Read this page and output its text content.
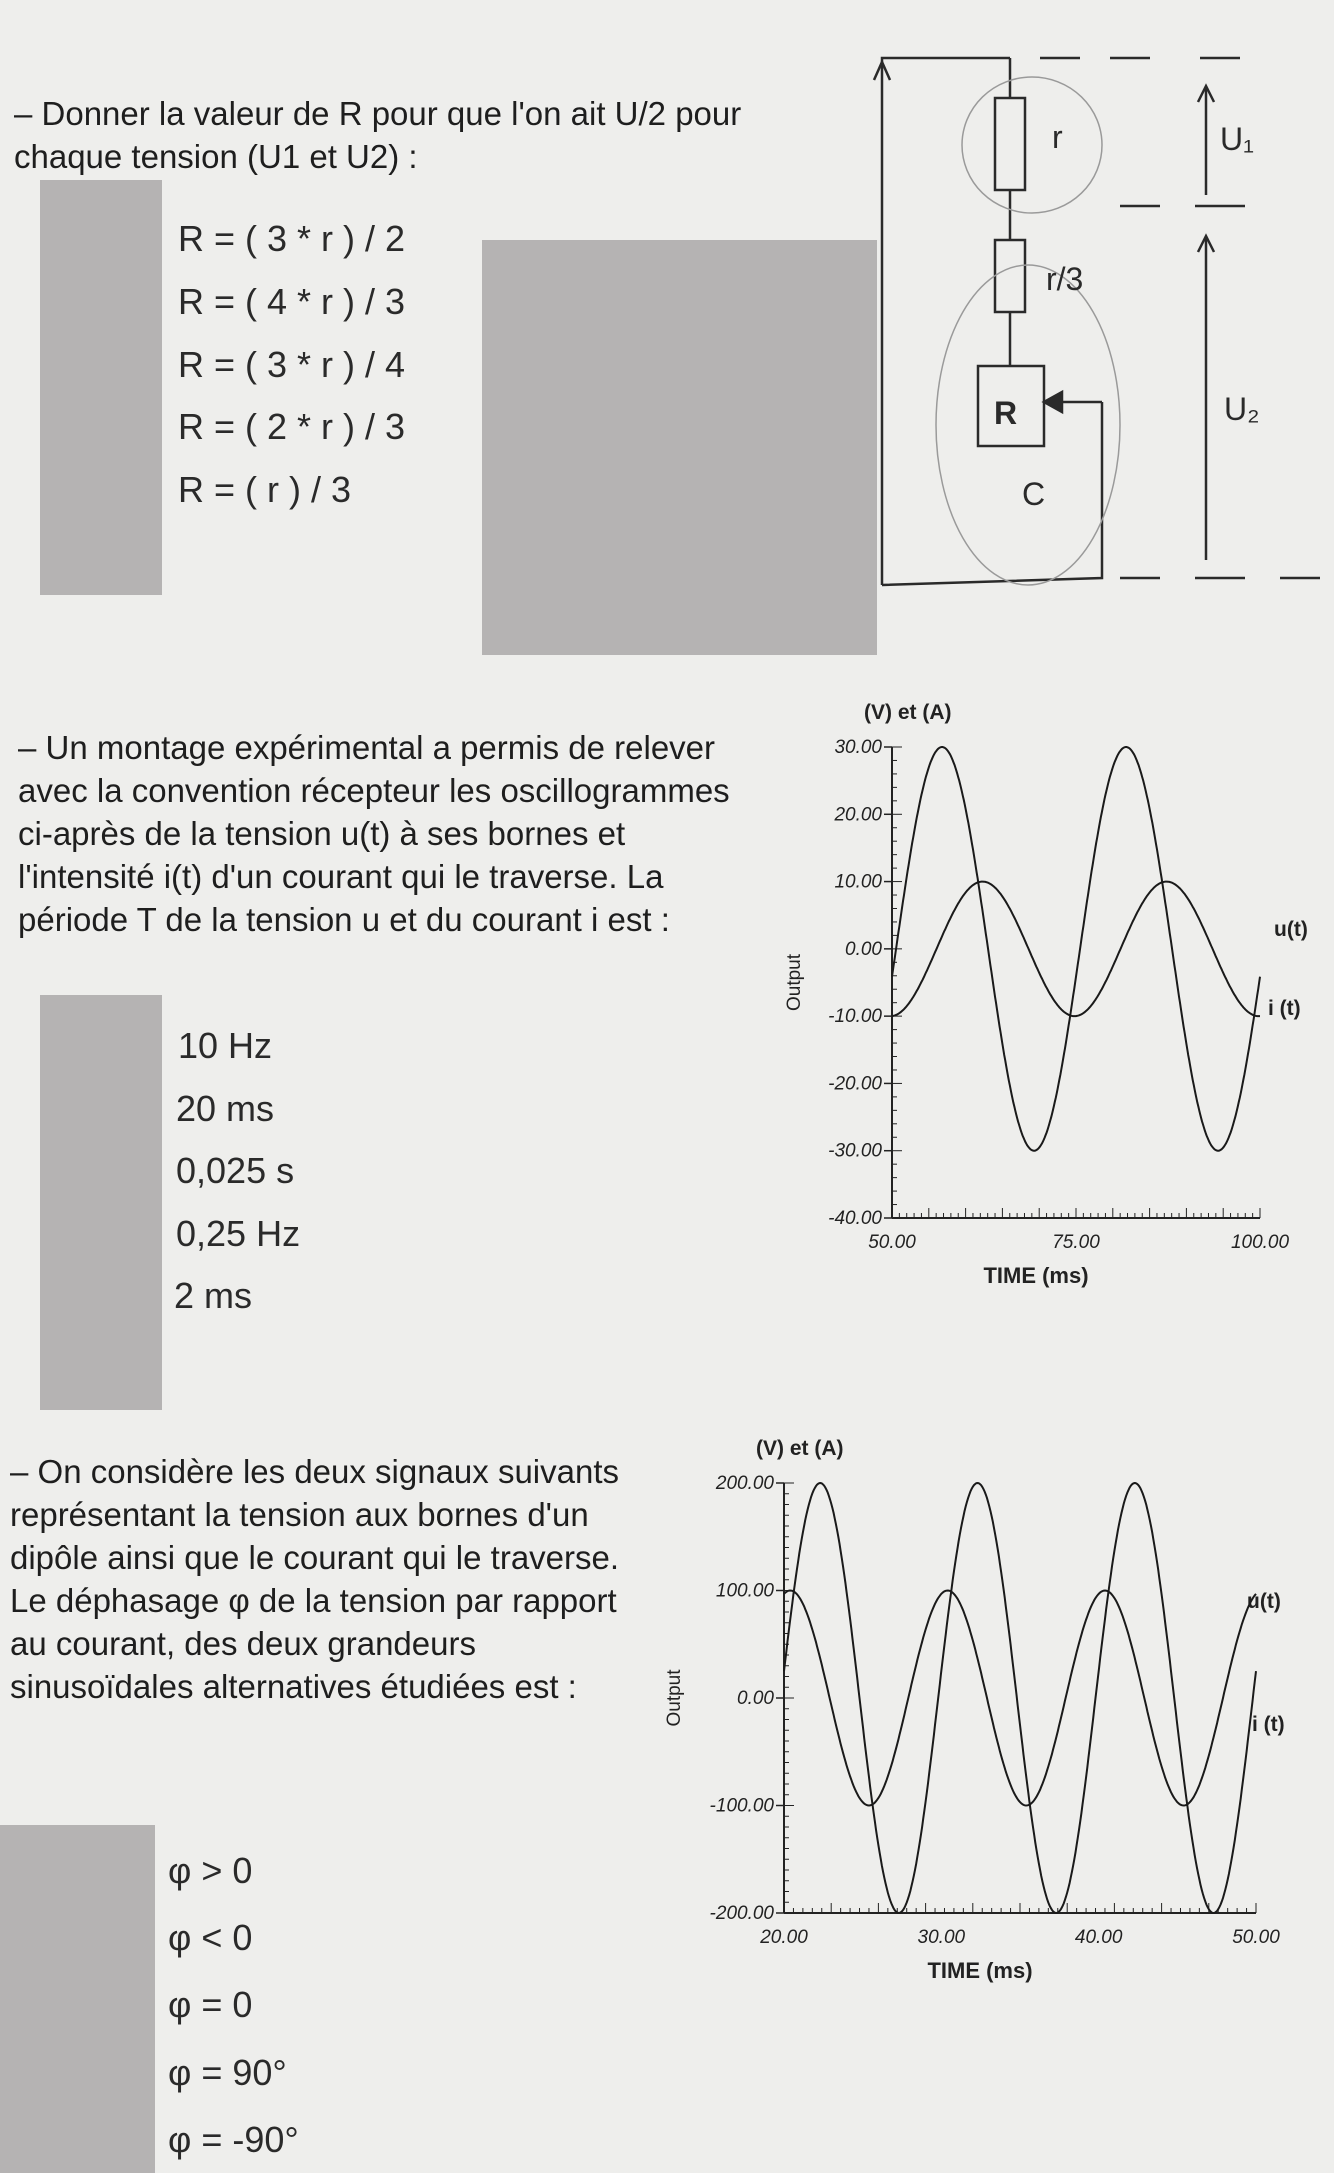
– Donner la valeur de R pour que l'on ait U/2 pour chaque tension (U1 et U2) :
R = ( 3 * r ) / 2
R = ( 4 * r ) / 3
R = ( 3 * r ) / 4
R = ( 2 * r ) / 3
R = ( r ) / 3
r
r/3
R
C
U₁
U₂
– Un montage expérimental a permis de relever avec la convention récepteur les oscillogrammes ci-après de la tension u(t) à ses bornes et l'intensité i(t) d'un courant qui le traverse. La période T de la tension u et du courant i est :
10 Hz
20 ms
0,025 s
0,25 Hz
2 ms
30.00
20.00
10.00
0.00
-10.00
-20.00
-30.00
-40.00
50.00	75.00	100.00
(V) et (A)
TIME (ms)
Output
u(t)
i (t)
– On considère les deux signaux suivants représentant la tension aux bornes d'un dipôle ainsi que le courant qui le traverse. Le déphasage φ de la tension par rapport au courant, des deux grandeurs sinusoïdales alternatives étudiées est :
φ > 0
φ < 0
φ = 0
φ = 90°
φ = -90°
200.00
100.00
0.00
-100.00
-200.00
20.00	30.00	40.00	50.00
(V) et (A)
TIME (ms)
Output
u(t)
i (t)
